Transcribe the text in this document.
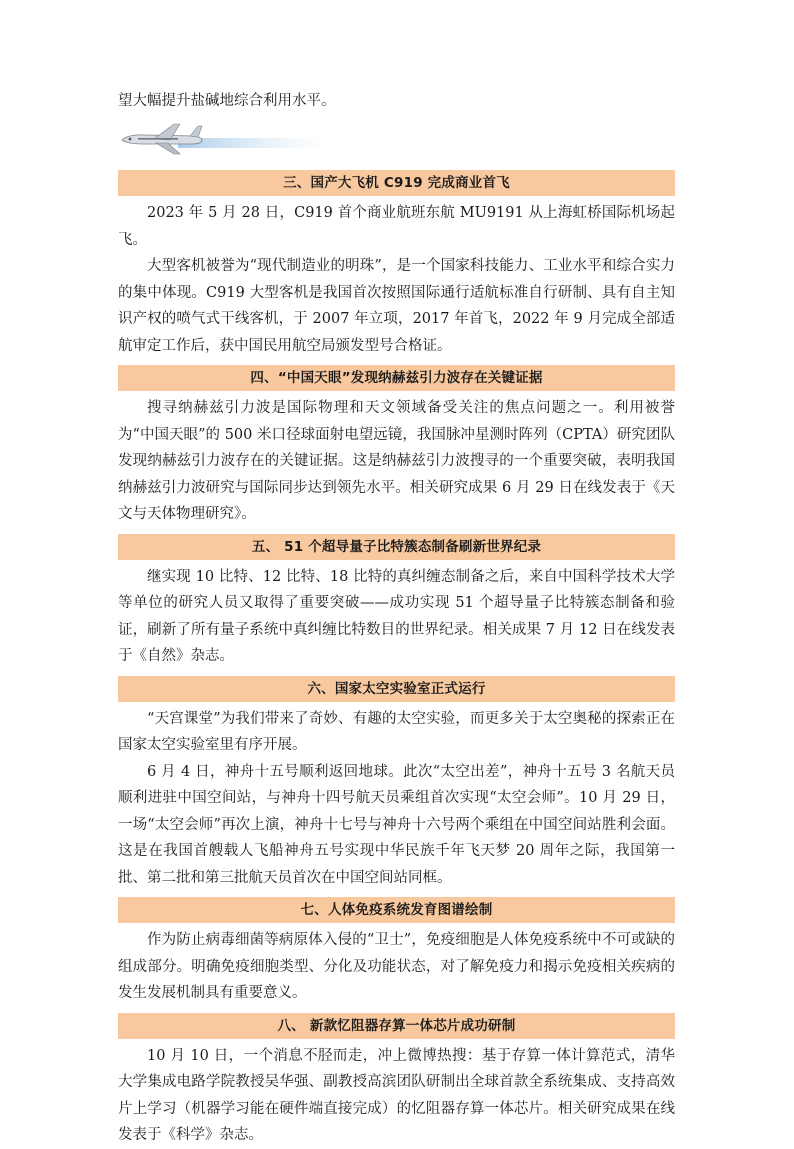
望大幅提升盐碱地综合利用水平。

三、国产大飞机 C919 完成商业首飞

2023 年 5 月 28 日，C919 首个商业航班东航 MU9191 从上海虹桥国际机场起飞。

大型客机被誉为“现代制造业的明珠”，是一个国家科技能力、工业水平和综合实力的集中体现。C919 大型客机是我国首次按照国际通行适航标准自行研制、具有自主知识产权的喷气式干线客机，于 2007 年立项，2017 年首飞，2022 年 9 月完成全部适航审定工作后，获中国民用航空局颁发型号合格证。

四、“中国天眼”发现纳赫兹引力波存在关键证据

搜寻纳赫兹引力波是国际物理和天文领域备受关注的焦点问题之一。利用被誉为“中国天眼”的 500 米口径球面射电望远镜，我国脉冲星测时阵列（CPTA）研究团队发现纳赫兹引力波存在的关键证据。这是纳赫兹引力波搜寻的一个重要突破，表明我国纳赫兹引力波研究与国际同步达到领先水平。相关研究成果 6 月 29 日在线发表于《天文与天体物理研究》。

五、 51 个超导量子比特簇态制备刷新世界纪录

继实现 10 比特、12 比特、18 比特的真纠缠态制备之后，来自中国科学技术大学等单位的研究人员又取得了重要突破——成功实现 51 个超导量子比特簇态制备和验证，刷新了所有量子系统中真纠缠比特数目的世界纪录。相关成果 7 月 12 日在线发表于《自然》杂志。

六、国家太空实验室正式运行

“天宫课堂”为我们带来了奇妙、有趣的太空实验，而更多关于太空奥秘的探索正在国家太空实验室里有序开展。

6 月 4 日，神舟十五号顺利返回地球。此次“太空出差”，神舟十五号 3 名航天员顺利进驻中国空间站，与神舟十四号航天员乘组首次实现“太空会师”。10 月 29 日，一场“太空会师”再次上演，神舟十七号与神舟十六号两个乘组在中国空间站胜利会面。这是在我国首艘载人飞船神舟五号实现中华民族千年飞天梦 20 周年之际，我国第一批、第二批和第三批航天员首次在中国空间站同框。

七、人体免疫系统发育图谱绘制

作为防止病毒细菌等病原体入侵的“卫士”，免疫细胞是人体免疫系统中不可或缺的组成部分。明确免疫细胞类型、分化及功能状态，对了解免疫力和揭示免疫相关疾病的发生发展机制具有重要意义。

八、 新款忆阻器存算一体芯片成功研制

10 月 10 日，一个消息不胫而走，冲上微博热搜：基于存算一体计算范式，清华大学集成电路学院教授吴华强、副教授高滨团队研制出全球首款全系统集成、支持高效片上学习（机器学习能在硬件端直接完成）的忆阻器存算一体芯片。相关研究成果在线发表于《科学》杂志。
